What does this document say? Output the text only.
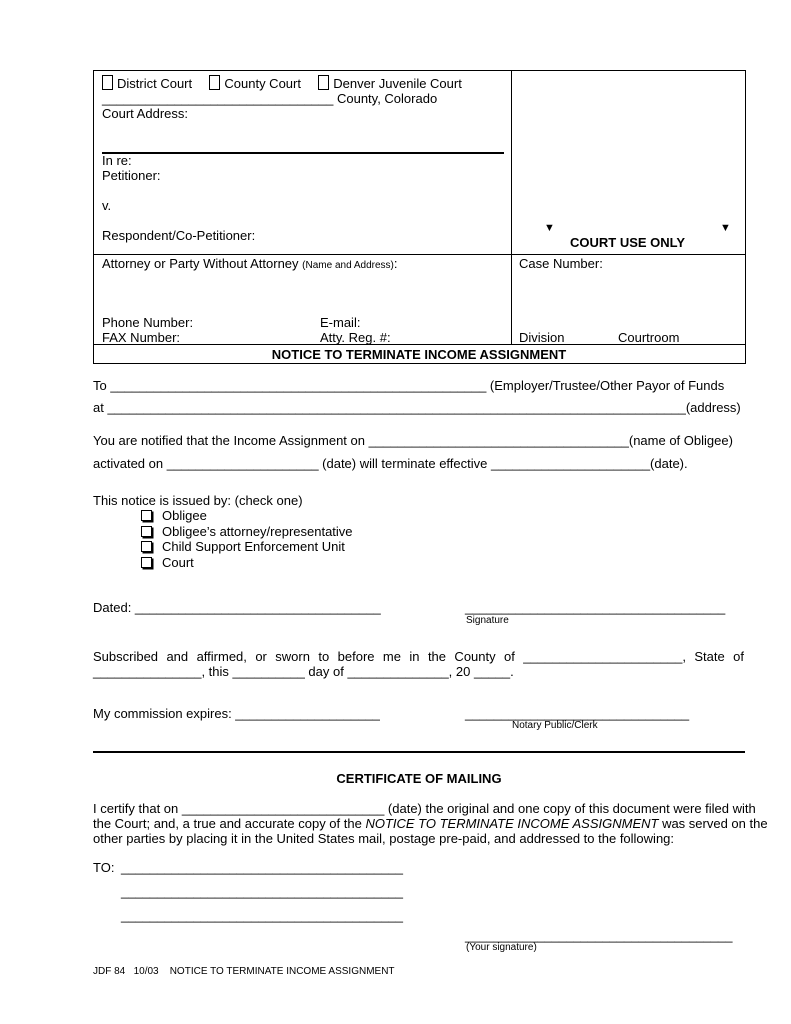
District Court County Court Denver Juvenile Court
________________________________ County, Colorado
Court Address:
In re:
Petitioner:
v.
Respondent/Co-Petitioner:	▼	▼
COURT USE ONLY
Attorney or Party Without Attorney (Name and Address):	Case Number:
Phone Number:	E-mail:
FAX Number:	Atty. Reg. #:	Division	Courtroom
NOTICE TO TERMINATE INCOME ASSIGNMENT
To ____________________________________________________ (Employer/Trustee/Other Payor of Funds
at ________________________________________________________________________________(address)
You are notified that the Income Assignment on ____________________________________(name of Obligee)
activated on _____________________ (date) will terminate effective ______________________(date).
This notice is issued by: (check one)
Obligee
Obligee’s attorney/representative
Child Support Enforcement Unit
Court
Dated: __________________________________	____________________________________
Signature
Subscribed and affirmed, or sworn to before me in the County of ______________________, State of
_______________, this __________ day of ______________, 20 _____.
My commission expires: ____________________	_______________________________
Notary Public/Clerk
CERTIFICATE OF MAILING
I certify that on ____________________________ (date) the original and one copy of this document were filed with the Court; and, a true and accurate copy of the NOTICE TO TERMINATE INCOME ASSIGNMENT was served on the other parties by placing it in the United States mail, postage pre-paid, and addressed to the following:
TO: _______________________________________
_______________________________________
_______________________________________
_____________________________________
(Your signature)
JDF 84   10/03    NOTICE TO TERMINATE INCOME ASSIGNMENT
